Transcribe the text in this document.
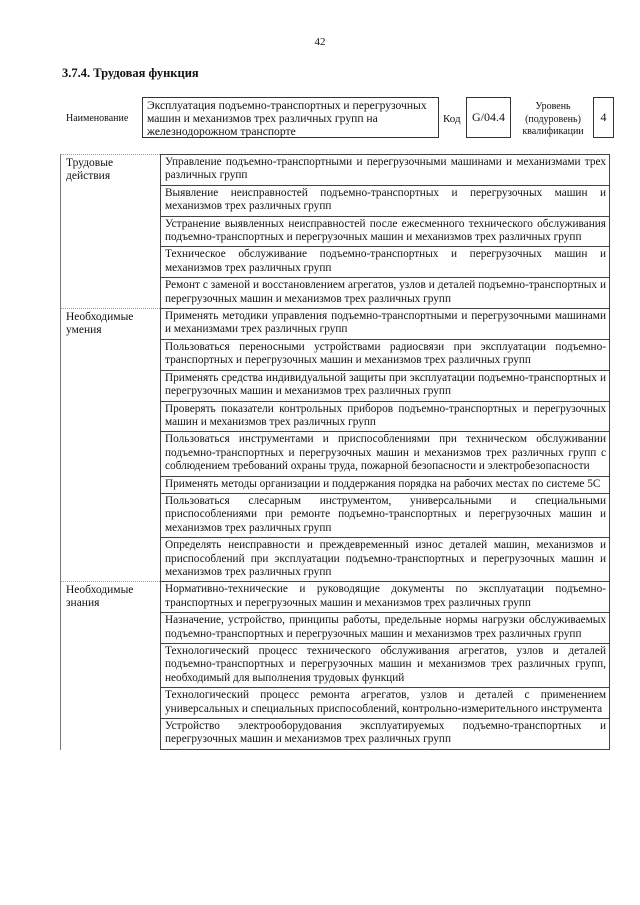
42
3.7.4. Трудовая функция
Наименование
Эксплуатация подъемно-транспортных и перегрузочных машин и механизмов трех различных групп на железнодорожном транспорте
Код G/04.4
Уровень (подуровень) квалификации
4
Трудовые действия
Управление подъемно-транспортными и перегрузочными машинами и механизмами трех различных групп
Выявление неисправностей подъемно-транспортных и перегрузочных машин и механизмов трех различных групп
Устранение выявленных неисправностей после ежесменного технического обслуживания подъемно-транспортных и перегрузочных машин и механизмов трех различных групп
Техническое обслуживание подъемно-транспортных и перегрузочных машин и механизмов трех различных групп
Ремонт с заменой и восстановлением агрегатов, узлов и деталей подъемно-транспортных и перегрузочных машин и механизмов трех различных групп
Необходимые умения
Применять методики управления подъемно-транспортными и перегрузочными машинами и механизмами трех различных групп
Пользоваться переносными устройствами радиосвязи при эксплуатации подъемно-транспортных и перегрузочных машин и механизмов трех различных групп
Применять средства индивидуальной защиты при эксплуатации подъемно-транспортных и перегрузочных машин и механизмов трех различных групп
Проверять показатели контрольных приборов подъемно-транспортных и перегрузочных машин и механизмов трех различных групп
Пользоваться инструментами и приспособлениями при техническом обслуживании подъемно-транспортных и перегрузочных машин и механизмов трех различных групп с соблюдением требований охраны труда, пожарной безопасности и электробезопасности
Применять методы организации и поддержания порядка на рабочих местах по системе 5С
Пользоваться слесарным инструментом, универсальными и специальными приспособлениями при ремонте подъемно-транспортных и перегрузочных машин и механизмов трех различных групп
Определять неисправности и преждевременный износ деталей машин, механизмов и приспособлений при эксплуатации подъемно-транспортных и перегрузочных машин и механизмов трех различных групп
Необходимые знания
Нормативно-технические и руководящие документы по эксплуатации подъемно-транспортных и перегрузочных машин и механизмов трех различных групп
Назначение, устройство, принципы работы, предельные нормы нагрузки обслуживаемых подъемно-транспортных и перегрузочных машин и механизмов трех различных групп
Технологический процесс технического обслуживания агрегатов, узлов и деталей подъемно-транспортных и перегрузочных машин и механизмов трех различных групп, необходимый для выполнения трудовых функций
Технологический процесс ремонта агрегатов, узлов и деталей с применением универсальных и специальных приспособлений, контрольно-измерительного инструмента
Устройство электрооборудования эксплуатируемых подъемно-транспортных и перегрузочных машин и механизмов трех различных групп
